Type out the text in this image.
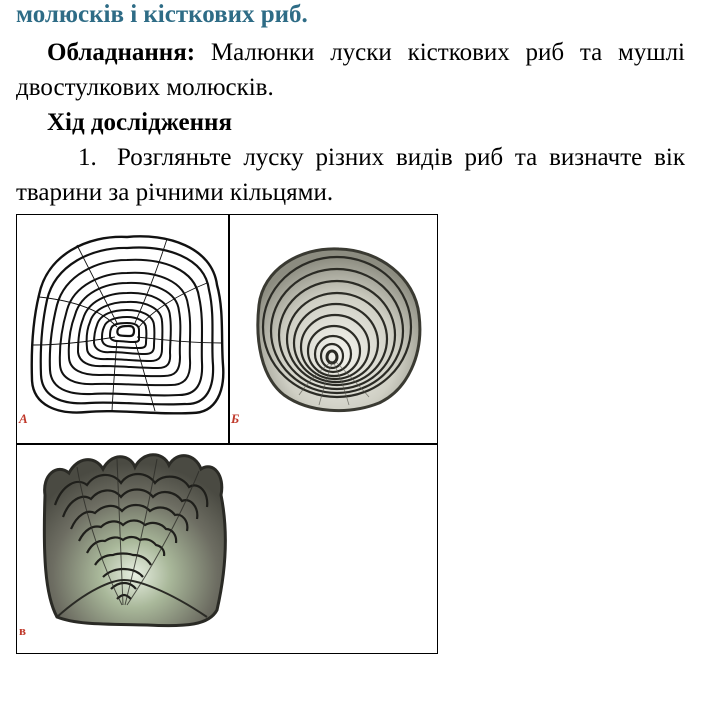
молюсків і кісткових риб.

Обладнання: Малюнки луски кісткових риб та мушлі двостулкових молюсків.

Хід дослідження

1. Розгляньте луску різних видів риб та визначте вік тварини за річними кільцями.

А	Б
в
